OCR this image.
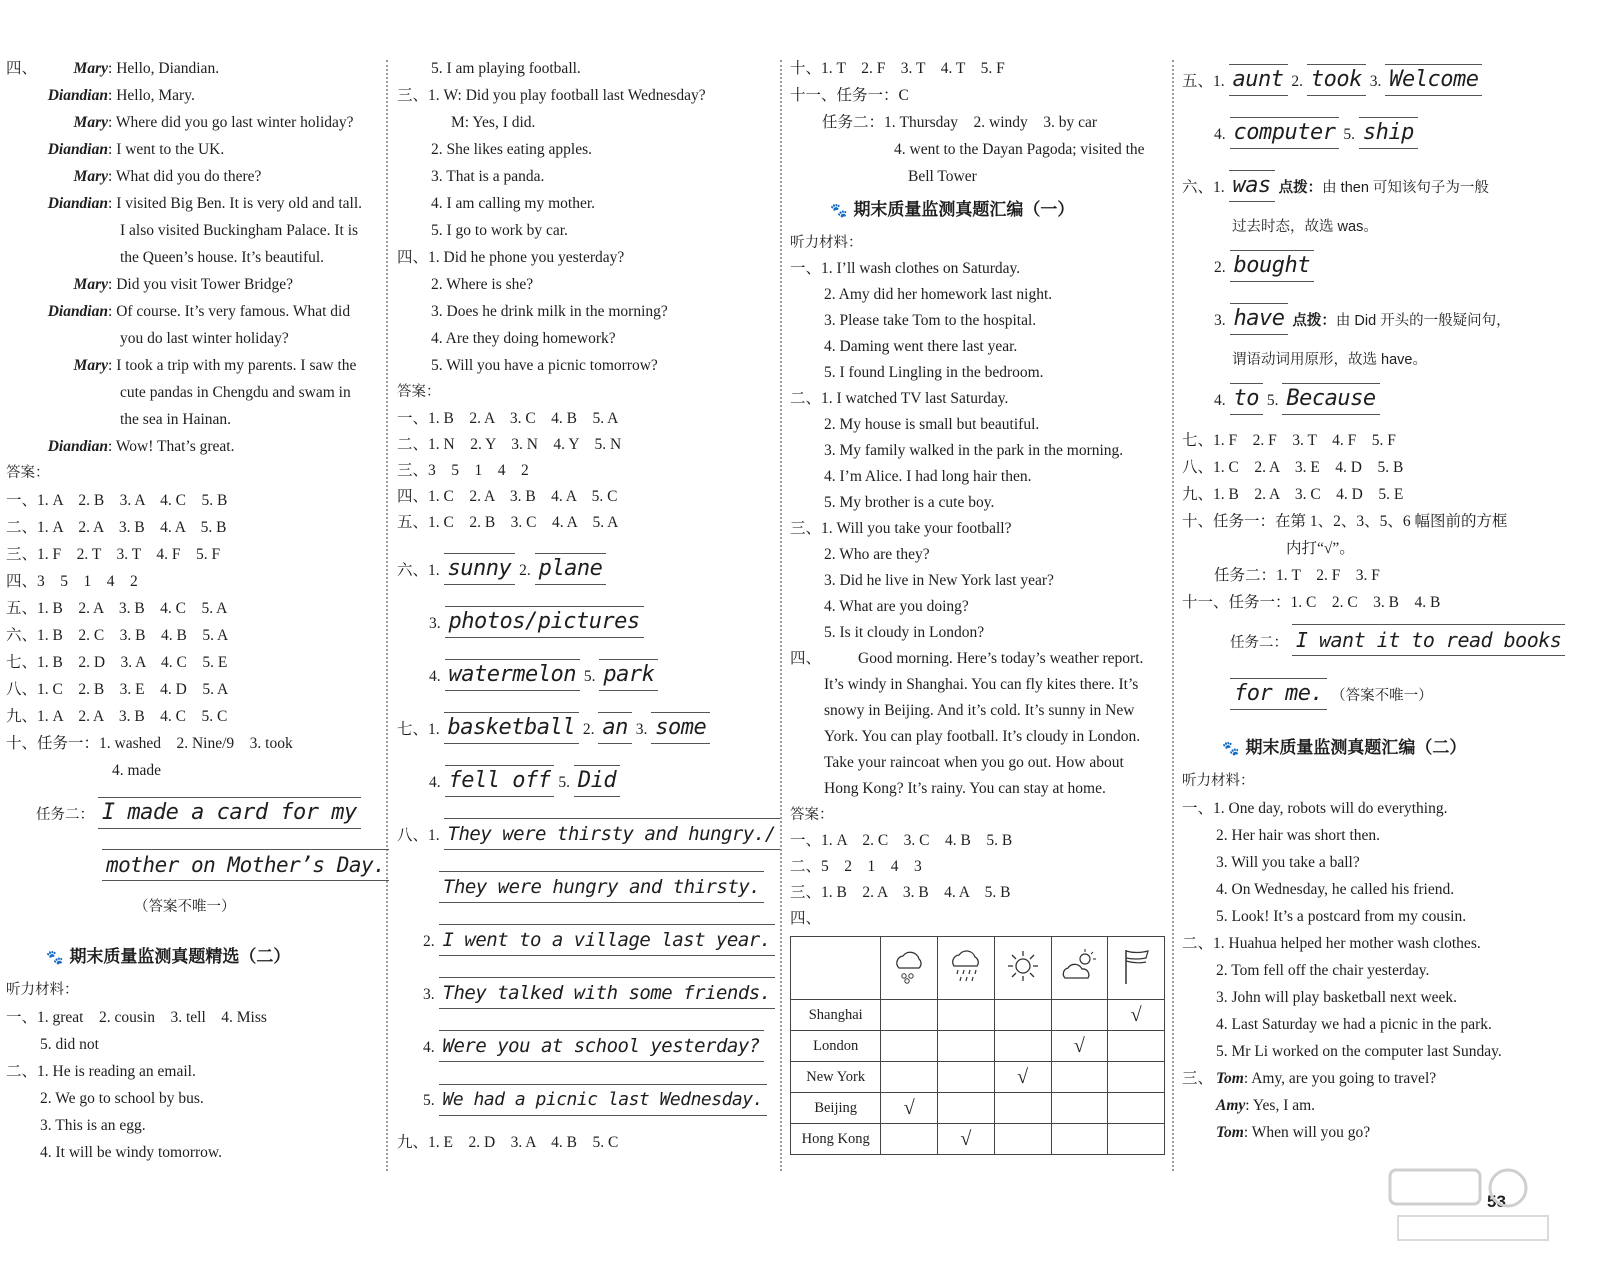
四、 Mary: Hello, Diandian.
Diandian: Hello, Mary.
Mary: Where did you go last winter holiday?
Diandian: I went to the UK.
Mary: What did you do there?
Diandian: I visited Big Ben. It is very old and tall.
I also visited Buckingham Palace. It is
the Queen’s house. It’s beautiful.
Mary: Did you visit Tower Bridge?
Diandian: Of course. It’s very famous. What did
you do last winter holiday?
Mary: I took a trip with my parents. I saw the
cute pandas in Chengdu and swam in
the sea in Hainan.
Diandian: Wow! That’s great.
答案：
一、1. A　2. B　3. A　4. C　5. B
二、1. A　2. A　3. B　4. A　5. B
三、1. F　2. T　3. T　4. F　5. F
四、3　5　1　4　2
五、1. B　2. A　3. B　4. C　5. A
六、1. B　2. C　3. B　4. B　5. A
七、1. B　2. D　3. A　4. C　5. E
八、1. C　2. B　3. E　4. D　5. A
九、1. A　2. A　3. B　4. C　5. C
十、任务一：1. washed　2. Nine/9　3. took
4. made
任务二： I made a card for my
mother on Mother’s Day.
（答案不唯一）
🐾 期末质量监测真题精选（二）
听力材料：
一、1. great　2. cousin　3. tell　4. Miss
5. did not
二、1. He is reading an email.
2. We go to school by bus.
3. This is an egg.
4. It will be windy tomorrow.
5. I am playing football.
三、1. W: Did you play football last Wednesday?
M: Yes, I did.
2. She likes eating apples.
3. That is a panda.
4. I am calling my mother.
5. I go to work by car.
四、1. Did he phone you yesterday?
2. Where is she?
3. Does he drink milk in the morning?
4. Are they doing homework?
5. Will you have a picnic tomorrow?
答案：
一、1. B　2. A　3. C　4. B　5. A
二、1. N　2. Y　3. N　4. Y　5. N
三、3　5　1　4　2
四、1. C　2. A　3. B　4. A　5. C
五、1. C　2. B　3. C　4. A　5. A
六、1. sunny 2. plane
3. photos/pictures
4. watermelon 5. park
七、1. basketball 2. an 3. some
4. fell off 5. Did
八、1. They were thirsty and hungry./
They were hungry and thirsty.
2. I went to a village last year.
3. They talked with some friends.
4. Were you at school yesterday?
5. We had a picnic last Wednesday.
九、1. E　2. D　3. A　4. B　5. C
十、1. T　2. F　3. T　4. T　5. F
十一、任务一：C
任务二：1. Thursday　2. windy　3. by car
4. went to the Dayan Pagoda; visited the
Bell Tower
🐾 期末质量监测真题汇编（一）
听力材料：
一、1. I’ll wash clothes on Saturday.
2. Amy did her homework last night.
3. Please take Tom to the hospital.
4. Daming went there last year.
5. I found Lingling in the bedroom.
二、1. I watched TV last Saturday.
2. My house is small but beautiful.
3. My family walked in the park in the morning.
4. I’m Alice. I had long hair then.
5. My brother is a cute boy.
三、1. Will you take your football?
2. Who are they?
3. Did he live in New York last year?
4. What are you doing?
5. Is it cloudy in London?
四、 Good morning. Here’s today’s weather report.
It’s windy in Shanghai. You can fly kites there. It’s
snowy in Beijing. And it’s cold. It’s sunny in New
York. You can play football. It’s cloudy in London.
Take your raincoat when you go out. How about
Hong Kong? It’s rainy. You can stay at home.
答案：
一、1. A　2. C　3. C　4. B　5. B
二、5　2　1　4　3
三、1. B　2. A　3. B　4. A　5. B
四、

Shanghai					√
London				√	
New York			√		
Beijing	√				
Hong Kong		√			
五、1. aunt 2. took 3. Welcome
4. computer 5. ship
六、1. was 点拨：由 then 可知该句子为一般
过去时态，故选 was。
2. bought
3. have 点拨：由 Did 开头的一般疑问句，
谓语动词用原形，故选 have。
4. to 5. Because
七、1. F　2. F　3. T　4. F　5. F
八、1. C　2. A　3. E　4. D　5. B
九、1. B　2. A　3. C　4. D　5. E
十、任务一：在第 1、2、3、5、6 幅图前的方框
内打“√”。
任务二：1. T　2. F　3. F
十一、任务一：1. C　2. C　3. B　4. B
任务二： I want it to read books
for me. （答案不唯一）
🐾 期末质量监测真题汇编（二）
听力材料：
一、1. One day, robots will do everything.
2. Her hair was short then.
3. Will you take a ball?
4. On Wednesday, he called his friend.
5. Look! It’s a postcard from my cousin.
二、1. Huahua helped her mother wash clothes.
2. Tom fell off the chair yesterday.
3. John will play basketball next week.
4. Last Saturday we had a picnic in the park.
5. Mr Li worked on the computer last Sunday.
三、 Tom: Amy, are you going to travel?
Amy: Yes, I am.
Tom: When will you go?
53
